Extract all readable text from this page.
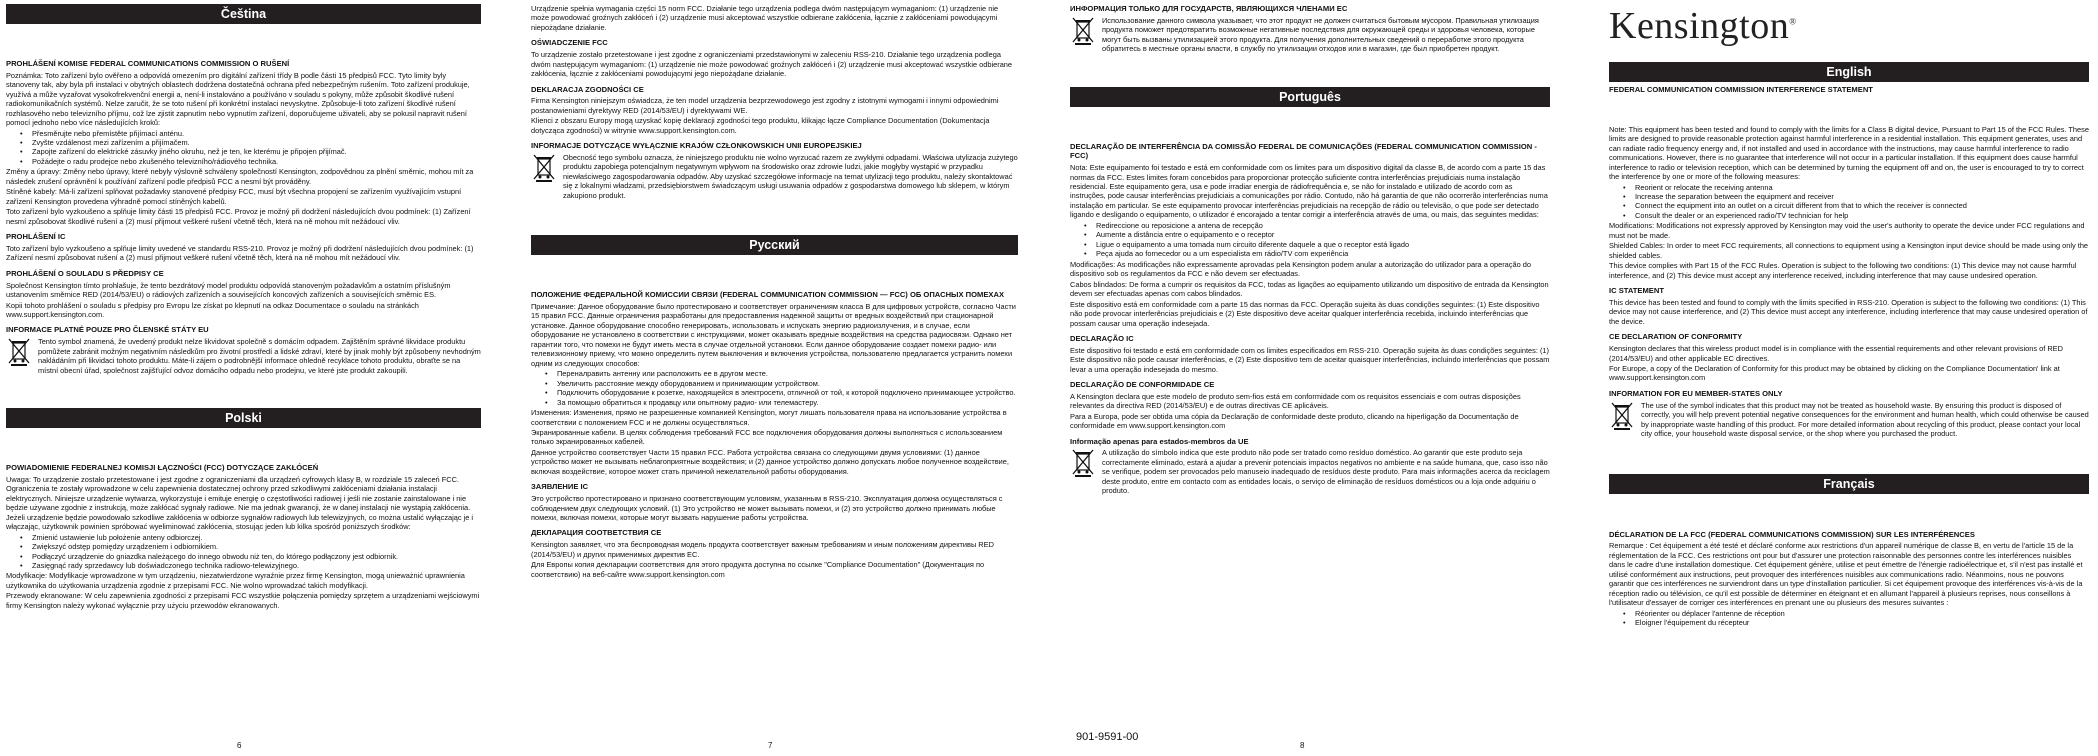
Čeština
PROHLÁŠENÍ KOMISE FEDERAL COMMUNICATIONS COMMISSION O RUŠENÍ

Poznámka: Toto zařízení bylo ověřeno a odpovídá omezením pro digitální zařízení třídy B podle části 15 předpisů FCC. Tyto limity byly stanoveny tak, aby byla při instalaci v obytných oblastech dodržena dostatečná ochrana před nebezpečným rušením. Toto zařízení produkuje, využívá a může vyzařovat vysokofrekvenční energii a, není-li instalováno a používáno v souladu s pokyny, může způsobit škodlivé rušení radiokomunikačních systémů. Nelze zaručit, že se toto rušení při konkrétní instalaci nevyskytne. Způsobuje-li toto zařízení škodlivé rušení rozhlasového nebo televizního příjmu, což lze zjistit zapnutím nebo vypnutím zařízení, doporučujeme uživateli, aby se pokusil napravit rušení pomocí jednoho nebo více následujících kroků:

• Přesměrujte nebo přemístěte přijímací anténu.
• Zvyšte vzdálenost mezi zařízením a přijímačem.
• Zapojte zařízení do elektrické zásuvky jiného okruhu, než je ten, ke kterému je připojen přijímač.
• Požádejte o radu prodejce nebo zkušeného televizního/rádiového technika.

Změny a úpravy: Změny nebo úpravy, které nebyly výslovně schváleny společností Kensington, zodpovědnou za plnění směrnic, mohou mít za následek zrušení oprávnění k používání zařízení podle předpisů FCC a nesmí být prováděny.

Stíněné kabely: Má-li zařízení splňovat požadavky stanovené předpisy FCC, musí být všechna propojení se zařízením využívajícím vstupní zařízení Kensington provedena výhradně pomocí stíněných kabelů.

Toto zařízení bylo vyzkoušeno a splňuje limity části 15 předpisů FCC. Provoz je možný při dodržení následujících dvou podmínek: (1) Zařízení nesmí způsobovat škodlivé rušení a (2) musí přijmout veškeré rušení včetně těch, která na ně mohou mít nežádoucí vliv.

PROHLÁŠENÍ IC

Toto zařízení bylo vyzkoušeno a splňuje limity uvedené ve standardu RSS-210. Provoz je možný při dodržení následujících dvou podmínek: (1) Zařízení nesmí způsobovat rušení a (2) musí přijmout veškeré rušení včetně těch, která na ně mohou mít nežádoucí vliv.

PROHLÁŠENÍ O SOULADU S PŘEDPISY CE

Společnost Kensington tímto prohlašuje, že tento bezdrátový model produktu odpovídá stanoveným požadavkům a ostatním příslušným ustanovením směrnice RED (2014/53/EU) o rádiových zařízeních a souvisejících koncových zařízeních a souvisejících směrnic ES.

Kopii tohoto prohlášení o souladu s předpisy pro Evropu lze získat po klepnutí na odkaz Documentace o souladu na stránkách www.support.kensington.com.

INFORMACE PLATNÉ POUZE PRO ČLENSKÉ STÁTY EU

Tento symbol znamená, že uvedený produkt nelze likvidovat společně s domácím odpadem. Zajištěním správné likvidace produktu pomůžete zabránit možným negativním následkům pro životní prostředí a lidské zdraví, které by jinak mohly být způsobeny nevhodným nakládáním při likvidaci tohoto produktu. Máte-li zájem o podrobnější informace ohledně recyklace tohoto produktu, obraťte se na místní obecní úřad, společnost zajišťující odvoz domácího odpadu nebo prodejnu, ve které jste produkt zakoupili.

Polski
POWIADOMIENIE FEDERALNEJ KOMISJI ŁĄCZNOŚCI (FCC) DOTYCZĄCE ZAKŁÓCEŃ

Uwaga: To urządzenie zostało przetestowane i jest zgodne z ograniczeniami dla urządzeń cyfrowych klasy B, w rozdziale 15 zaleceń FCC. Ograniczenia te zostały wprowadzone w celu zapewnienia dostatecznej ochrony przed szkodliwymi zakłóceniami działania instalacji elektrycznych. Niniejsze urządzenie wytwarza, wykorzystuje i emituje energię o częstotliwości radiowej i jeśli nie zostanie zainstalowane i nie będzie używane zgodnie z instrukcją, może zakłócać sygnały radiowe. Nie ma jednak gwarancji, że w danej instalacji nie wystąpią zakłócenia. Jeżeli urządzenie będzie powodowało szkodliwe zakłócenia w odbiorze sygnałów radiowych lub telewizyjnych, co można ustalić wyłączając je i włączając, użytkownik powinien spróbować wyeliminować zakłócenia, stosując jeden lub kilka spośród poniższych środków:

• Zmienić ustawienie lub położenie anteny odbiorczej.
• Zwiększyć odstęp pomiędzy urządzeniem i odbiornikiem.
• Podłączyć urządzenie do gniazdka należącego do innego obwodu niż ten, do którego podłączony jest odbiornik.
• Zasięgnąć rady sprzedawcy lub doświadczonego technika radiowo-telewizyjnego.

Modyfikacje: Modyfikacje wprowadzone w tym urządzeniu, niezatwierdzone wyraźnie przez firmę Kensington, mogą unieważnić uprawnienia użytkownika do użytkowania urządzenia zgodnie z przepisami FCC. Nie wolno wprowadzać takich modyfikacji.

Przewody ekranowane: W celu zapewnienia zgodności z przepisami FCC wszystkie połączenia pomiędzy sprzętem a urządzeniami wejściowymi firmy Kensington należy wykonać wyłącznie przy użyciu przewodów ekranowanych.

6

Urządzenie spełnia wymagania części 15 norm FCC. Działanie tego urządzenia podlega dwóm następującym wymaganiom: (1) urządzenie nie może powodować groźnych zakłóceń i (2) urządzenie musi akceptować wszystkie odbierane zakłócenia, łącznie z zakłóceniami powodującymi niepożądane działanie.

OŚWIADCZENIE FCC

To urządzenie zostało przetestowane i jest zgodne z ograniczeniami przedstawionymi w zaleceniu RSS-210. Działanie tego urządzenia podlega dwóm następującym wymaganiom: (1) urządzenie nie może powodować groźnych zakłóceń i (2) urządzenie musi akceptować wszystkie odbierane zakłócenia, łącznie z zakłóceniami powodującymi jego niepożądane działanie.

DEKLARACJA ZGODNOŚCI CE

Firma Kensington niniejszym oświadcza, że ten model urządzenia bezprzewodowego jest zgodny z istotnymi wymogami i innymi odpowiednimi postanowieniami dyrektywy RED (2014/53/EU) i dyrektywami WE.

Klienci z obszaru Europy mogą uzyskać kopię deklaracji zgodności tego produktu, klikając łącze Compliance Documentation (Dokumentacja dotycząca zgodności) w witrynie www.support.kensington.com.

INFORMACJE DOTYCZĄCE WYŁĄCZNIE KRAJÓW CZŁONKOWSKICH UNII EUROPEJSKIEJ

Obecność tego symbolu oznacza, że niniejszego produktu nie wolno wyrzucać razem ze zwykłymi odpadami. Właściwa utylizacja zużytego produktu zapobiega potencjalnym negatywnym wpływom na środowisko oraz zdrowie ludzi, jakie mogłyby wystąpić w przypadku niewłaściwego zagospodarowania odpadów. Aby uzyskać szczegółowe informacje na temat utylizacji tego produktu, należy skontaktować się z lokalnymi władzami, przedsiębiorstwem świadczącym usługi usuwania odpadów z gospodarstwa domowego lub sklepem, w którym zakupiono produkt.

Русский
ПОЛОЖЕНИЕ ФЕДЕРАЛЬНОЙ КОМИССИИ СВЯЗИ (FEDERAL COMMUNICATION COMMISSION — FCC) ОБ ОПАСНЫХ ПОМЕХАХ

Примечание: Данное оборудование было протестировано и соответствует ограничениям класса B для цифровых устройств, согласно Части 15 правил FCC. Данные ограничения разработаны для предоставления надежной защиты от вредных воздействий при стационарной установке. Данное оборудование способно генерировать, использовать и испускать энергию радиоизлучения, и в случае, если оборудование не установлено в соответствии с инструкциями, может оказывать вредные воздействия на средства радиосвязи. Однако нет гарантии того, что помехи не будут иметь места в случае отдельной установки. Если данное оборудование создает помехи радио- или телевизионному приему, что можно определить путем выключения и включения устройства, пользователю предлагается устранить помехи одним из следующих способов:

• Переналравить антенну или расположить ее в другом месте.
• Увеличить расстояние между оборудованием и принимающим устройством.
• Подключить оборудование к розетке, находящейся в электросети, отличной от той, к которой подключено принимающее устройство.
• За помощью обратиться к продавцу или опытному радио- или телемастеру.

Изменения: Изменения, прямо не разрешенные компанией Kensington, могут лишать пользователя права на использование устройства в соответствии с положением FCC и не должны осуществляться.

Экранированные кабели. В целях соблюдения требований FCC все подключения оборудования должны выполняться с использованием только экранированных кабелей.

Данное устройство соответствует Части 15 правил FCC. Работа устройства связана со следующими двумя условиями: (1) данное устройство может не вызывать неблагоприятные воздействия; и (2) данное устройство должно допускать любое полученное воздействие, включая воздействие, которое может стать причиной нежелательной работы оборудования.

ЗАЯВЛЕНИЕ IC

Это устройство протестировано и признано соответствующим условиям, указанным в RSS-210. Эксплуатация должна осуществляться с соблюдением двух следующих условий. (1) Это устройство не может вызывать помехи, и (2) это устройство должно принимать любые помехи, включая помехи, которые могут вызвать нарушение работы устройства.

ДЕКЛАРАЦИЯ СООТВЕТСТВИЯ CE

Kensington заявляет, что эта беспроводная модель продукта соответствует важным требованиям и иным положениям директивы RED (2014/53/EU) и других применимых директив ЕС.

Для Европы копия декларации соответствия для этого продукта доступна по ссылке "Compliance Documentation" (Документация по соответствию) на веб-сайте www.support.kensington.com

7
ИНФОРМАЦИЯ ТОЛЬКО ДЛЯ ГОСУДАРСТВ, ЯВЛЯЮЩИХСЯ ЧЛЕНАМИ ЕС

Использование данного символа указывает, что этот продукт не должен считаться бытовым мусором. Правильная утилизация продукта поможет предотвратить возможные негативные последствия для окружающей среды и здоровья человека, которые могут быть вызваны утилизацией этого продукта. Для получения дополнительных сведений о переработке этого продукта обратитесь в местные органы власти, в службу по утилизации отходов или в магазин, где был приобретен продукт.

Português
DECLARAÇÃO DE INTERFERÊNCIA DA COMISSÃO FEDERAL DE COMUNICAÇÕES (FEDERAL COMMUNICATION COMMISSION - FCC)

Nota: Este equipamento foi testado e está em conformidade com os limites para um dispositivo digital da classe B, de acordo com a parte 15 das normas da FCC. Estes limites foram concebidos para proporcionar protecção suficiente contra interferências prejudiciais numa instalação residencial. Este equipamento gera, usa e pode irradiar energia de rádiofrequência e, se não for instalado e utilizado de acordo com as instruções, pode causar interferências prejudiciais a comunicações por rádio. Contudo, não há garantia de que não ocorrerão interferências numa instalação em particular. Se este equipamento provocar interferências prejudiciais na recepção de rádio ou televisão, o que pode ser detectado ligando e desligando o equipamento, o utilizador é encorajado a tentar corrigir a interferência através de uma, ou mais, das seguintes medidas:

• Redireccione ou reposicione a antena de recepção
• Aumente a distância entre o equipamento e o receptor
• Ligue o equipamento a uma tomada num circuito diferente daquele a que o receptor está ligado
• Peça ajuda ao fornecedor ou a um especialista em rádio/TV com experiência

Modificações: As modificações não expressamente aprovadas pela Kensington podem anular a autorização do utilizador para a operação do dispositivo sob os regulamentos da FCC e não devem ser efectuadas.

Cabos blindados: De forma a cumprir os requisitos da FCC, todas as ligações ao equipamento utilizando um dispositivo de entrada da Kensington devem ser efectuadas apenas com cabos blindados.

Este dispositivo está em conformidade com a parte 15 das normas da FCC. Operação sujeita às duas condições seguintes: (1) Este dispositivo não pode provocar interferências prejudiciais e (2) Este dispositivo deve aceitar qualquer interferência recebida, incluindo interferências que possam causar uma operação indesejada.

DECLARAÇÃO IC

Este dispositivo foi testado e está em conformidade com os limites especificados em RSS-210. Operação sujeita às duas condições seguintes: (1) Este dispositivo não pode causar interferências, e (2) Este dispositivo tem de aceitar quaisquer interferências, incluindo interferências que possam levar a uma operação indesejada do mesmo.

DECLARAÇÃO DE CONFORMIDADE CE

A Kensington declara que este modelo de produto sem-fios está em conformidade com os requisitos essenciais e com outras disposições relevantes da directiva RED (2014/53/EU) e de outras directivas CE aplicáveis.

Para a Europa, pode ser obtida uma cópia da Declaração de conformidade deste produto, clicando na hiperligação da Documentação de conformidade em www.support.kensington.com

Informação apenas para estados-membros da UE

A utilização do símbolo indica que este produto não pode ser tratado como resíduo doméstico. Ao garantir que este produto seja correctamente eliminado, estará a ajudar a prevenir potenciais impactos negativos no ambiente e na saúde humana, que, caso isso não se verifique, podem ser provocados pelo manuseio inadequado de resíduos deste produto. Para mais informações acerca da reciclagem deste produto, entre em contacto com as entidades locais, o serviço de eliminação de resíduos domésticos ou a loja onde adquiriu o produto.

901-9591-00
8
Kensington®
English
FEDERAL COMMUNICATION COMMISSION INTERFERENCE STATEMENT

Note: This equipment has been tested and found to comply with the limits for a Class B digital device, Pursuant to Part 15 of the FCC Rules. These limits are designed to provide reasonable protection against harmful interference in a residential installation. This equipment generates, uses and can radiate radio frequency energy and, if not installed and used in accordance with the instructions, may cause harmful interference to radio communications. However, there is no guarantee that interference will not occur in a particular installation. If this equipment does cause harmful interference to radio or television reception, which can be determined by turning the equipment off and on, the user is encouraged to try to correct the interference by one or more of the following measures:

• Reorient or relocate the receiving antenna
• Increase the separation between the equipment and receiver
• Connect the equipment into an outlet on a circuit different from that to which the receiver is connected
• Consult the dealer or an experienced radio/TV technician for help

Modifications: Modifications not expressly approved by Kensington may void the user's authority to operate the device under FCC regulations and must not be made.

Shielded Cables: In order to meet FCC requirements, all connections to equipment using a Kensington input device should be made using only the shielded cables.

This device complies with Part 15 of the FCC Rules. Operation is subject to the following two conditions: (1) This device may not cause harmful interference, and (2) This device must accept any interference received, including interference that may cause undesired operation.

IC STATEMENT

This device has been tested and found to comply with the limits specified in RSS-210. Operation is subject to the following two conditions: (1) This device may not cause interference, and (2) This device must accept any interference, including interference that may cause undesired operation of the device.

CE DECLARATION OF CONFORMITY

Kensington declares that this wireless product model is in compliance with the essential requirements and other relevant provisions of RED (2014/53/EU) and other applicable EC directives.

For Europe, a copy of the Declaration of Conformity for this product may be obtained by clicking on the Compliance Documentation' link at www.support.kensington.com

INFORMATION FOR EU MEMBER-STATES ONLY

The use of the symbol indicates that this product may not be treated as household waste. By ensuring this product is disposed of correctly, you will help prevent potential negative consequences for the environment and human health, which could otherwise be caused by inappropriate waste handling of this product. For more detailed information about recycling of this product, please contact your local city office, your household waste disposal service, or the shop where you purchased the product.

Français
DÉCLARATION DE LA FCC (FEDERAL COMMUNICATIONS COMMISSION) SUR LES INTERFÉRENCES

Remarque : Cet équipement a été testé et déclaré conforme aux restrictions d'un appareil numérique de classe B, en vertu de l'article 15 de la réglementation de la FCC. Ces restrictions ont pour but d'assurer une protection raisonnable des personnes contre les interférences nuisibles dans le cadre d'une installation domestique. Cet équipement génère, utilise et peut émettre de l'énergie radioélectrique et, s'il n'est pas installé et utilisé conformément aux instructions, peut provoquer des interférences nuisibles aux communications radio. Néanmoins, nous ne pouvons garantir que ces interférences ne surviendront dans un type d'installation particulier. Si cet équipement provoque des interférences vis-à-vis de la réception radio ou télévision, ce qu'il est possible de déterminer en éteignant et en allumant l'appareil à plusieurs reprises, nous conseillons à l'utilisateur d'essayer de corriger ces interférences en prenant une ou plusieurs des mesures suivantes :

• Réorienter ou déplacer l'antenne de réception
• Eloigner l'équipement du récepteur
